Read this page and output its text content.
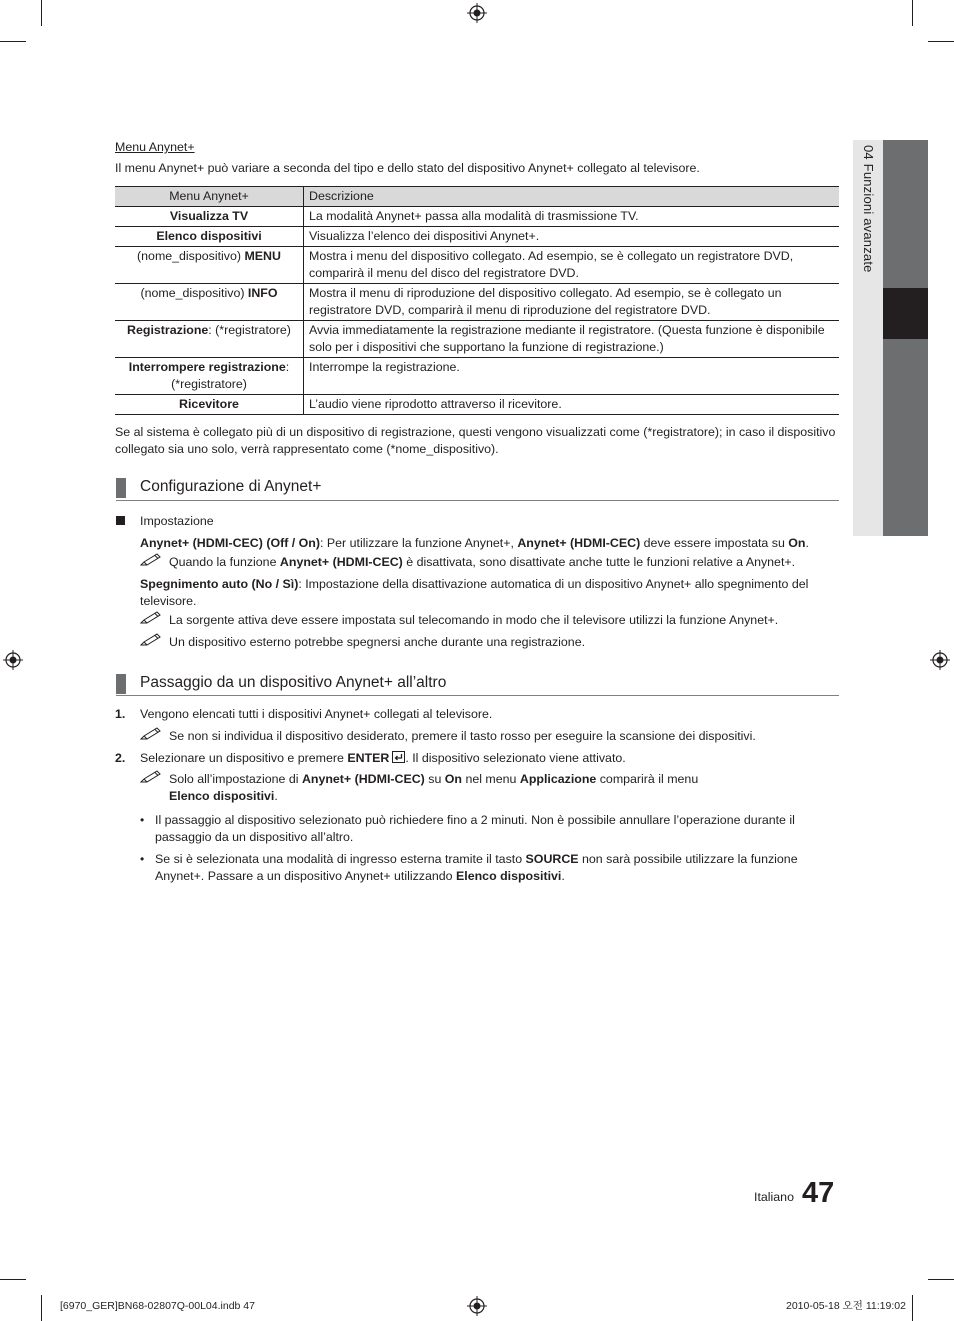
04 Funzioni avanzate
Menu Anynet+
Il menu Anynet+ può variare a seconda del tipo e dello stato del dispositivo Anynet+ collegato al televisore.
Menu Anynet+	Descrizione
Visualizza TV	La modalità Anynet+ passa alla modalità di trasmissione TV.
Elenco dispositivi	Visualizza l’elenco dei dispositivi Anynet+.
(nome_dispositivo) MENU	Mostra i menu del dispositivo collegato. Ad esempio, se è collegato un registratore DVD, comparirà il menu del disco del registratore DVD.
(nome_dispositivo) INFO	Mostra il menu di riproduzione del dispositivo collegato. Ad esempio, se è collegato un registratore DVD, comparirà il menu di riproduzione del registratore DVD.
Registrazione: (*registratore)	Avvia immediatamente la registrazione mediante il registratore. (Questa funzione è disponibile solo per i dispositivi che supportano la funzione di registrazione.)
Interrompere registrazione: (*registratore)	Interrompe la registrazione.
Ricevitore	L’audio viene riprodotto attraverso il ricevitore.
Se al sistema è collegato più di un dispositivo di registrazione, questi vengono visualizzati come (*registratore); in caso il dispositivo collegato sia uno solo, verrà rappresentato come (*nome_dispositivo).
Configurazione di Anynet+
Impostazione
Anynet+ (HDMI-CEC) (Off / On): Per utilizzare la funzione Anynet+, Anynet+ (HDMI-CEC) deve essere impostata su On.
Quando la funzione Anynet+ (HDMI-CEC) è disattivata, sono disattivate anche tutte le funzioni relative a Anynet+.
Spegnimento auto (No / Sì): Impostazione della disattivazione automatica di un dispositivo Anynet+ allo spegnimento del televisore.
La sorgente attiva deve essere impostata sul telecomando in modo che il televisore utilizzi la funzione Anynet+.
Un dispositivo esterno potrebbe spegnersi anche durante una registrazione.
Passaggio da un dispositivo Anynet+ all’altro
1. Vengono elencati tutti i dispositivi Anynet+ collegati al televisore.
Se non si individua il dispositivo desiderato, premere il tasto rosso per eseguire la scansione dei dispositivi.
2. Selezionare un dispositivo e premere ENTER . Il dispositivo selezionato viene attivato.
Solo all’impostazione di Anynet+ (HDMI-CEC) su On nel menu Applicazione comparirà il menu
Elenco dispositivi.
• Il passaggio al dispositivo selezionato può richiedere fino a 2 minuti. Non è possibile annullare l’operazione durante il passaggio da un dispositivo all’altro.
• Se si è selezionata una modalità di ingresso esterna tramite il tasto SOURCE non sarà possibile utilizzare la funzione Anynet+. Passare a un dispositivo Anynet+ utilizzando Elenco dispositivi.
Italiano 47
[6970_GER]BN68-02807Q-00L04.indb 47	2010-05-18 오전 11:19:02
